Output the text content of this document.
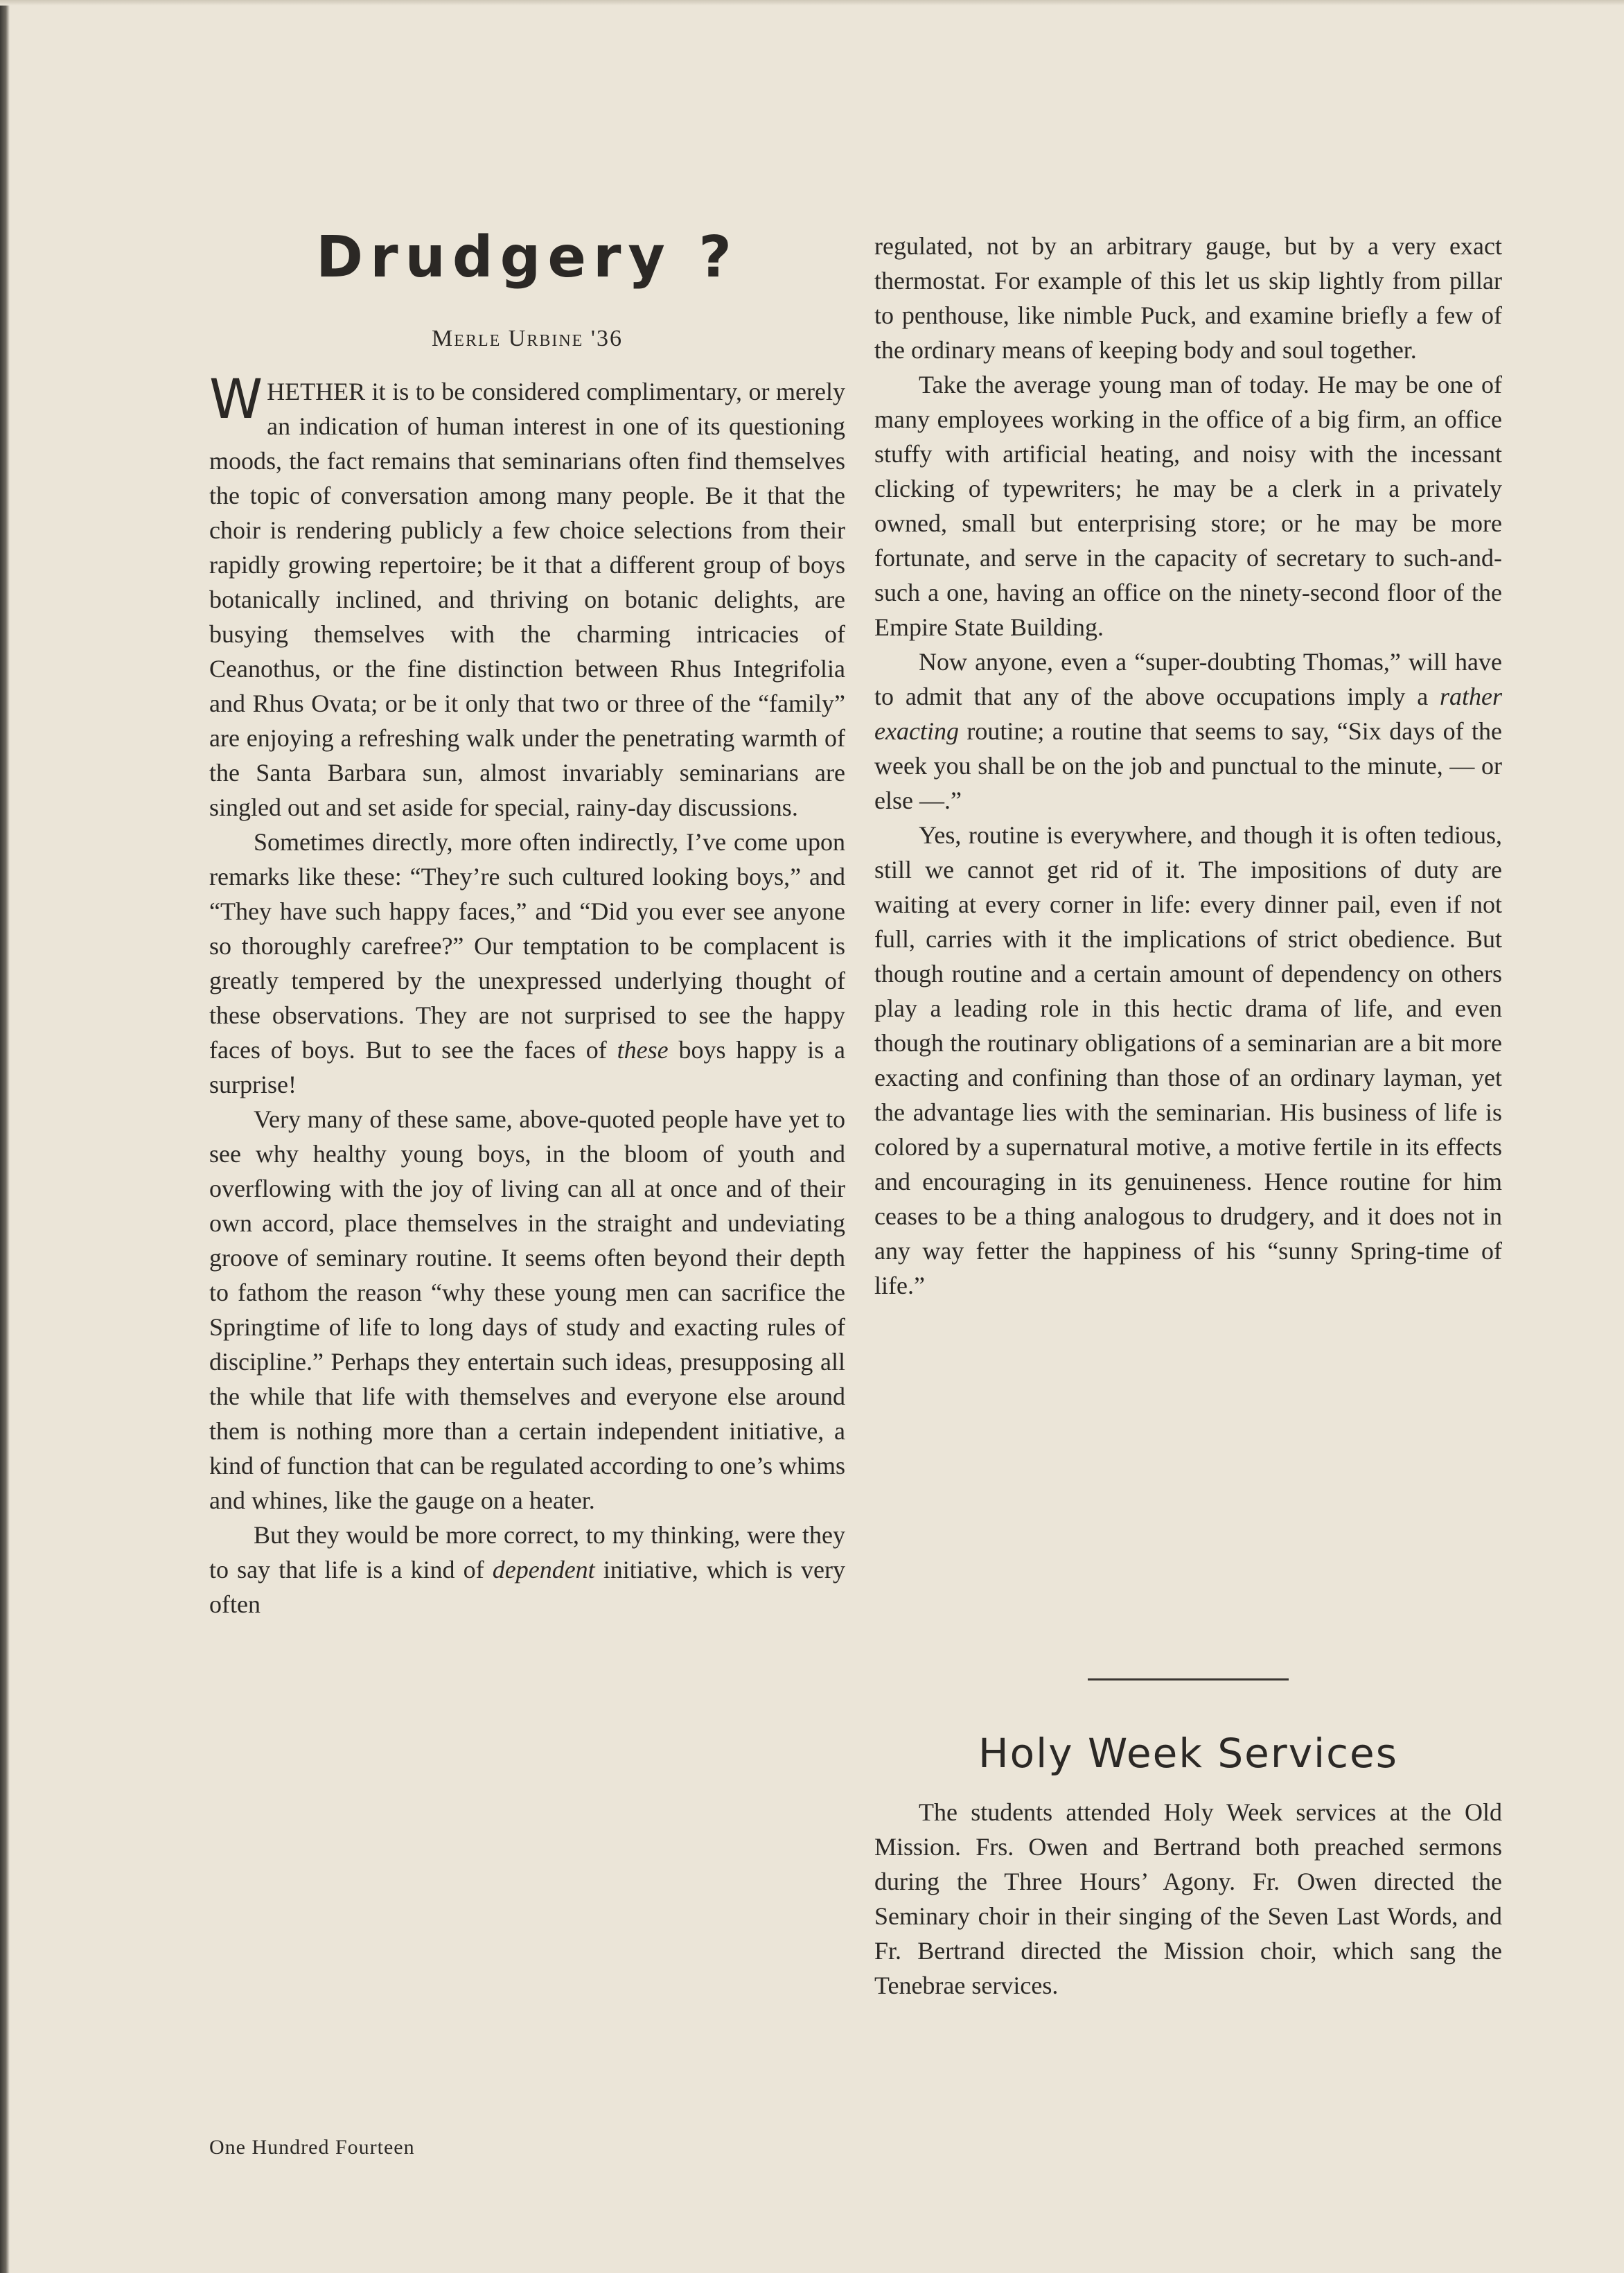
Drudgery ?
Merle Urbine '36

WHETHER it is to be considered complimentary, or merely an indication of human interest in one of its questioning moods, the fact remains that seminarians often find themselves the topic of conversation among many people. Be it that the choir is rendering publicly a few choice selections from their rapidly growing repertoire; be it that a different group of boys botanically inclined, and thriving on botanic delights, are busying themselves with the charming intricacies of Ceanothus, or the fine distinction between Rhus Integrifolia and Rhus Ovata; or be it only that two or three of the “family” are enjoying a refreshing walk under the penetrating warmth of the Santa Barbara sun, almost invariably seminarians are singled out and set aside for special, rainy-day discussions.

Sometimes directly, more often indirectly, I’ve come upon remarks like these: “They’re such cultured looking boys,” and “They have such happy faces,” and “Did you ever see anyone so thoroughly carefree?” Our temptation to be complacent is greatly tempered by the unexpressed underlying thought of these observations. They are not surprised to see the happy faces of boys. But to see the faces of these boys happy is a surprise!

Very many of these same, above-quoted people have yet to see why healthy young boys, in the bloom of youth and overflowing with the joy of living can all at once and of their own accord, place themselves in the straight and undeviating groove of seminary routine. It seems often beyond their depth to fathom the reason “why these young men can sacrifice the Springtime of life to long days of study and exacting rules of discipline.” Perhaps they entertain such ideas, presupposing all the while that life with themselves and everyone else around them is nothing more than a certain independent initiative, a kind of function that can be regulated according to one’s whims and whines, like the gauge on a heater.

But they would be more correct, to my thinking, were they to say that life is a kind of dependent initiative, which is very often

regulated, not by an arbitrary gauge, but by a very exact thermostat. For example of this let us skip lightly from pillar to penthouse, like nimble Puck, and examine briefly a few of the ordinary means of keeping body and soul together.

Take the average young man of today. He may be one of many employees working in the office of a big firm, an office stuffy with artificial heating, and noisy with the incessant clicking of typewriters; he may be a clerk in a privately owned, small but enterprising store; or he may be more fortunate, and serve in the capacity of secretary to such-and-such a one, having an office on the ninety-second floor of the Empire State Building.

Now anyone, even a “super-doubting Thomas,” will have to admit that any of the above occupations imply a rather exacting routine; a routine that seems to say, “Six days of the week you shall be on the job and punctual to the minute, — or else —.”

Yes, routine is everywhere, and though it is often tedious, still we cannot get rid of it. The impositions of duty are waiting at every corner in life: every dinner pail, even if not full, carries with it the implications of strict obedience. But though routine and a certain amount of dependency on others play a leading role in this hectic drama of life, and even though the routinary obligations of a seminarian are a bit more exacting and confining than those of an ordinary layman, yet the advantage lies with the seminarian. His business of life is colored by a supernatural motive, a motive fertile in its effects and encouraging in its genuineness. Hence routine for him ceases to be a thing analogous to drudgery, and it does not in any way fetter the happiness of his “sunny Spring-time of life.”

Holy Week Services

The students attended Holy Week services at the Old Mission. Frs. Owen and Bertrand both preached sermons during the Three Hours’ Agony. Fr. Owen directed the Seminary choir in their singing of the Seven Last Words, and Fr. Bertrand directed the Mission choir, which sang the Tenebrae services.

One Hundred Fourteen
